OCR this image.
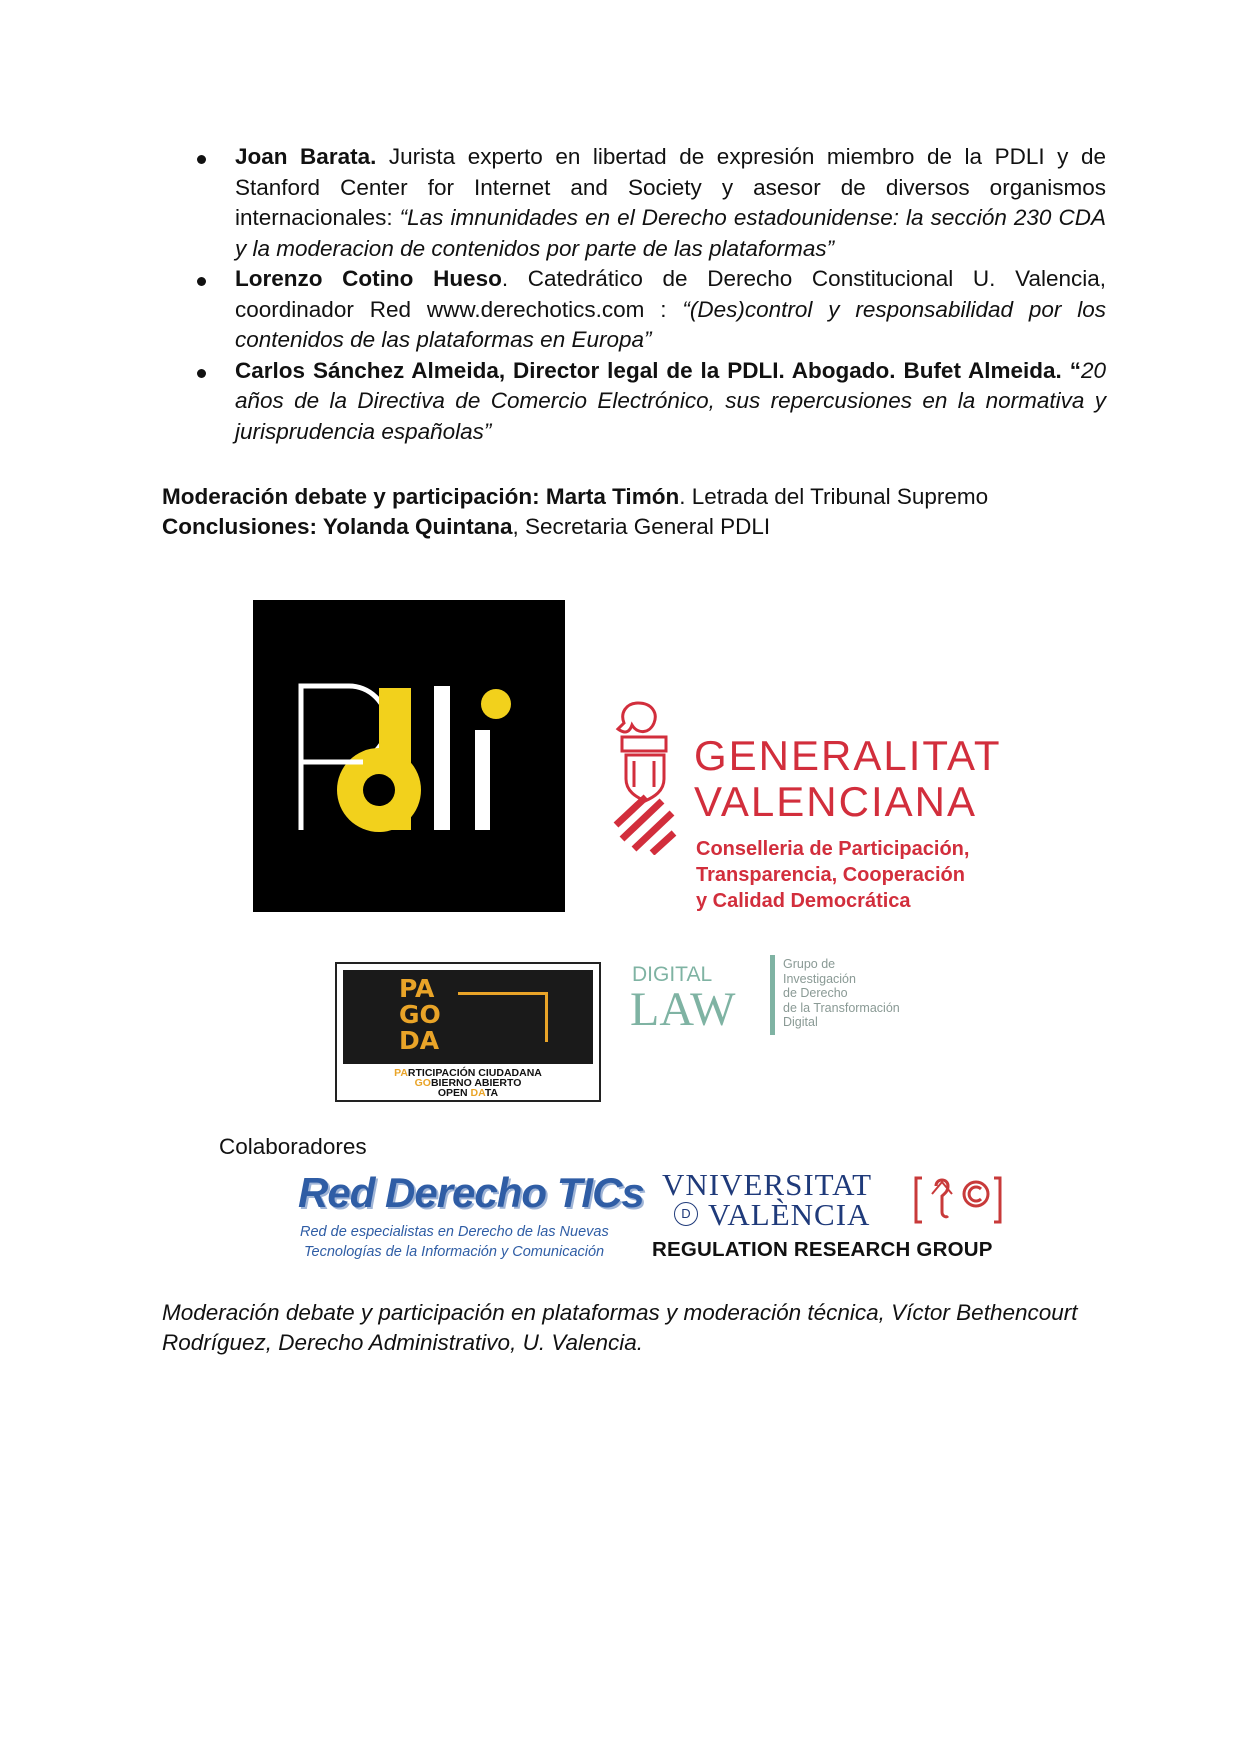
Joan Barata. Jurista experto en libertad de expresión miembro de la PDLI y de Stanford Center for Internet and Society y asesor de diversos organismos internacionales: “Las imnunidades en el Derecho estadounidense: la sección 230 CDA y la moderacion de contenidos por parte de las plataformas”
Lorenzo Cotino Hueso. Catedrático de Derecho Constitucional U. Valencia, coordinador Red www.derechotics.com : “(Des)control y responsabilidad por los contenidos de las plataformas en Europa”
Carlos Sánchez Almeida, Director legal de la PDLI. Abogado. Bufet Almeida. “20 años de la Directiva de Comercio Electrónico, sus repercusiones en la normativa y jurisprudencia españolas”
Moderación debate y participación: Marta Timón. Letrada del Tribunal Supremo
Conclusiones: Yolanda Quintana, Secretaria General PDLI
GENERALITAT
VALENCIANA
Conselleria de Participación,
Transparencia, Cooperación
y Calidad Democrática
PA
GO
DA
PARTICIPACIÓN CIUDADANA
GOBIERNO ABIERTO
OPEN DATA
DIGITAL
LAW
Grupo de
Investigación
de Derecho
de la Transformación
Digital
Colaboradores
Red Derecho TICs
Red de especialistas en Derecho de las Nuevas
Tecnologías de la Información y Comunicación
VNIVERSITAT
D VALÈNCIA
REGULATION RESEARCH GROUP
Moderación debate y participación en plataformas y moderación técnica, Víctor Bethencourt Rodríguez, Derecho Administrativo, U. Valencia.
